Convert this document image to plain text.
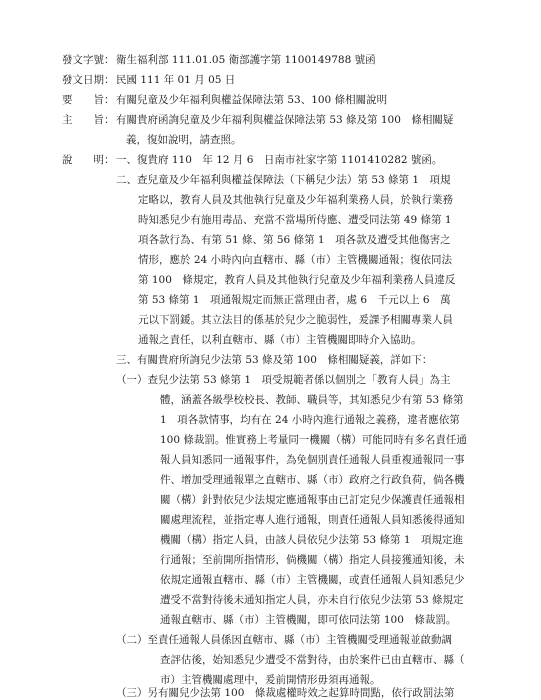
發文字號： 衛生福利部 111.01.05 衛部護字第 1100149788 號函
發文日期： 民國 111 年 01 月 05 日
要　　旨： 有關兒童及少年福利與權益保障法第 53、100 條相關說明
主　　旨： 有關貴府函詢兒童及少年福利與權益保障法第 53 條及第 100　條相關疑
義，復如說明，請查照。
說　　明： 一、復貴府 110　年 12 月 6　日南市社家字第 1101410282 號函。
二、查兒童及少年福利與權益保障法（下稱兒少法）第 53 條第 1　項規
定略以，教育人員及其他執行兒童及少年福利業務人員，於執行業務
時知悉兒少有施用毒品、充當不當場所侍應、遭受同法第 49 條第 1
項各款行為、有第 51 條、第 56 條第 1　項各款及遭受其他傷害之
情形，應於 24 小時內向直轄市、縣（市）主管機關通報；復依同法
第 100　條規定，教育人員及其他執行兒童及少年福利業務人員違反
第 53 條第 1　項通報規定而無正當理由者，處 6　千元以上 6　萬
元以下罰鍰。其立法目的係基於兒少之脆弱性，爰課予相關專業人員
通報之責任，以利直轄市、縣（市）主管機關即時介入協助。
三、有關貴府所詢兒少法第 53 條及第 100　條相關疑義，詳如下：
（一）查兒少法第 53 條第 1　項受規範者係以個別之「教育人員」為主
體，涵蓋各級學校校長、教師、職員等，其知悉兒少有第 53 條第
1　項各款情事，均有在 24 小時內進行通報之義務，違者應依第
100 條裁罰。惟實務上考量同一機關（構）可能同時有多名責任通
報人員知悉同一通報事件，為免個別責任通報人員重複通報同一事
件、增加受理通報單之直轄市、縣（市）政府之行政負荷，倘各機
關（構）針對依兒少法規定應通報事由已訂定兒少保護責任通報相
關處理流程，並指定專人進行通報，則責任通報人員知悉後得通知
機關（構）指定人員，由該人員依兒少法第 53 條第 1　項規定進
行通報；至前開所指情形，倘機關（構）指定人員接獲通知後，未
依規定通報直轄市、縣（市）主管機關，或責任通報人員知悉兒少
遭受不當對待後未通知指定人員，亦未自行依兒少法第 53 條規定
通報直轄市、縣（市）主管機關，即可依同法第 100　條裁罰。
（二）至責任通報人員係因直轄市、縣（市）主管機關受理通報並啟動調
查評估後，始知悉兒少遭受不當對待，由於案件已由直轄市、縣（
市）主管機關處理中，爰前開情形毋須再通報。
（三）另有關兒少法第 100　條裁處權時效之起算時間點，依行政罰法第
